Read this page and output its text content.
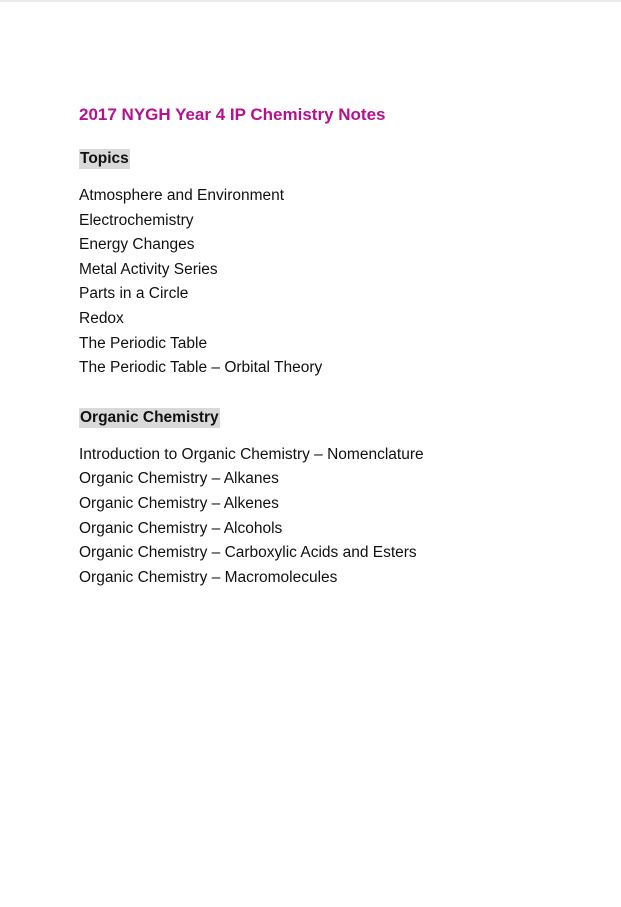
2017 NYGH Year 4 IP Chemistry Notes
Topics
Atmosphere and Environment
Electrochemistry
Energy Changes
Metal Activity Series
Parts in a Circle
Redox
The Periodic Table
The Periodic Table – Orbital Theory
Organic Chemistry
Introduction to Organic Chemistry – Nomenclature
Organic Chemistry – Alkanes
Organic Chemistry – Alkenes
Organic Chemistry – Alcohols
Organic Chemistry – Carboxylic Acids and Esters
Organic Chemistry – Macromolecules
